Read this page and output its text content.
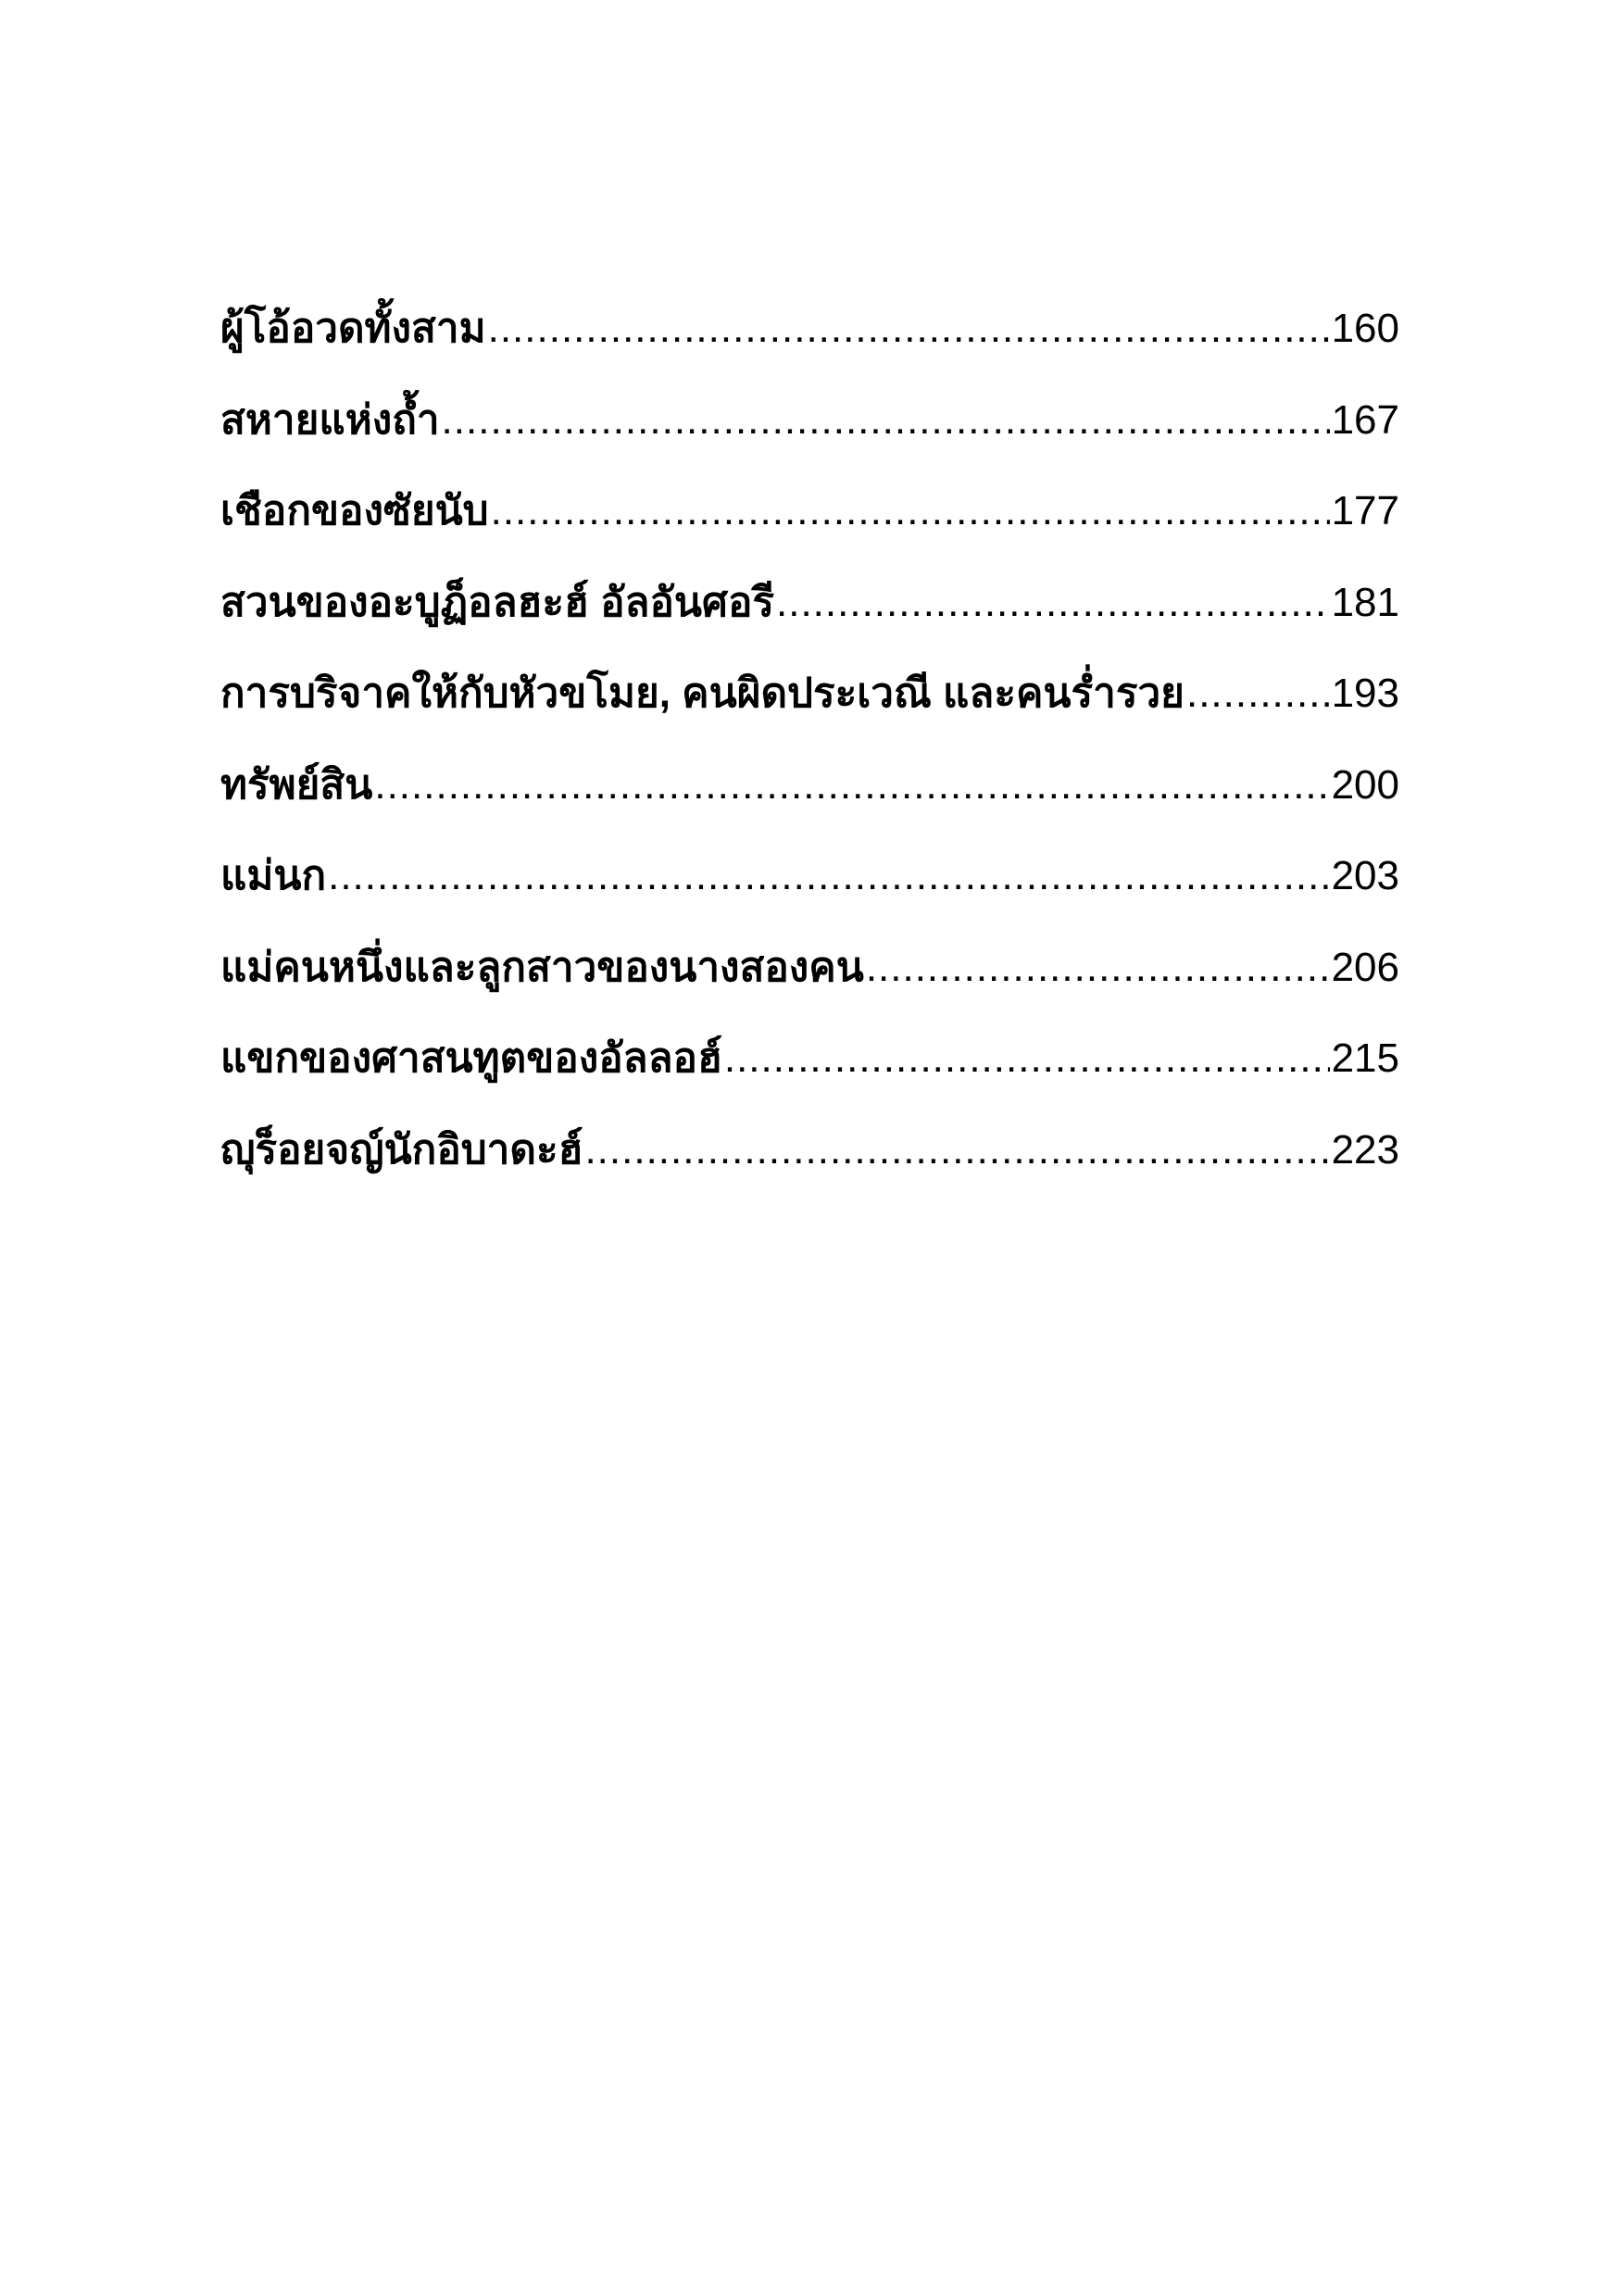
ผู้โอ้อวดทั้งสาม .....	160
สหายแห่งถ้ำ .....	167
เชือกของซัยนับ .....	177
สวนของอะบูฏ็อลฮะฮ์ อัลอันศอรี .....	181
การบริจาคให้กับหัวขโมย, คนผิดประเวณี และคนร่ำรวย .....	193
ทรัพย์สิน .....	200
แม่นก .....	203
แม่คนหนึ่งและลูกสาวของนางสองคน .....	206
แขกของศาสนทูตของอัลลอฮ์ .....	215
ญุร็อยจญ์นักอิบาดะฮ์ .....	223
